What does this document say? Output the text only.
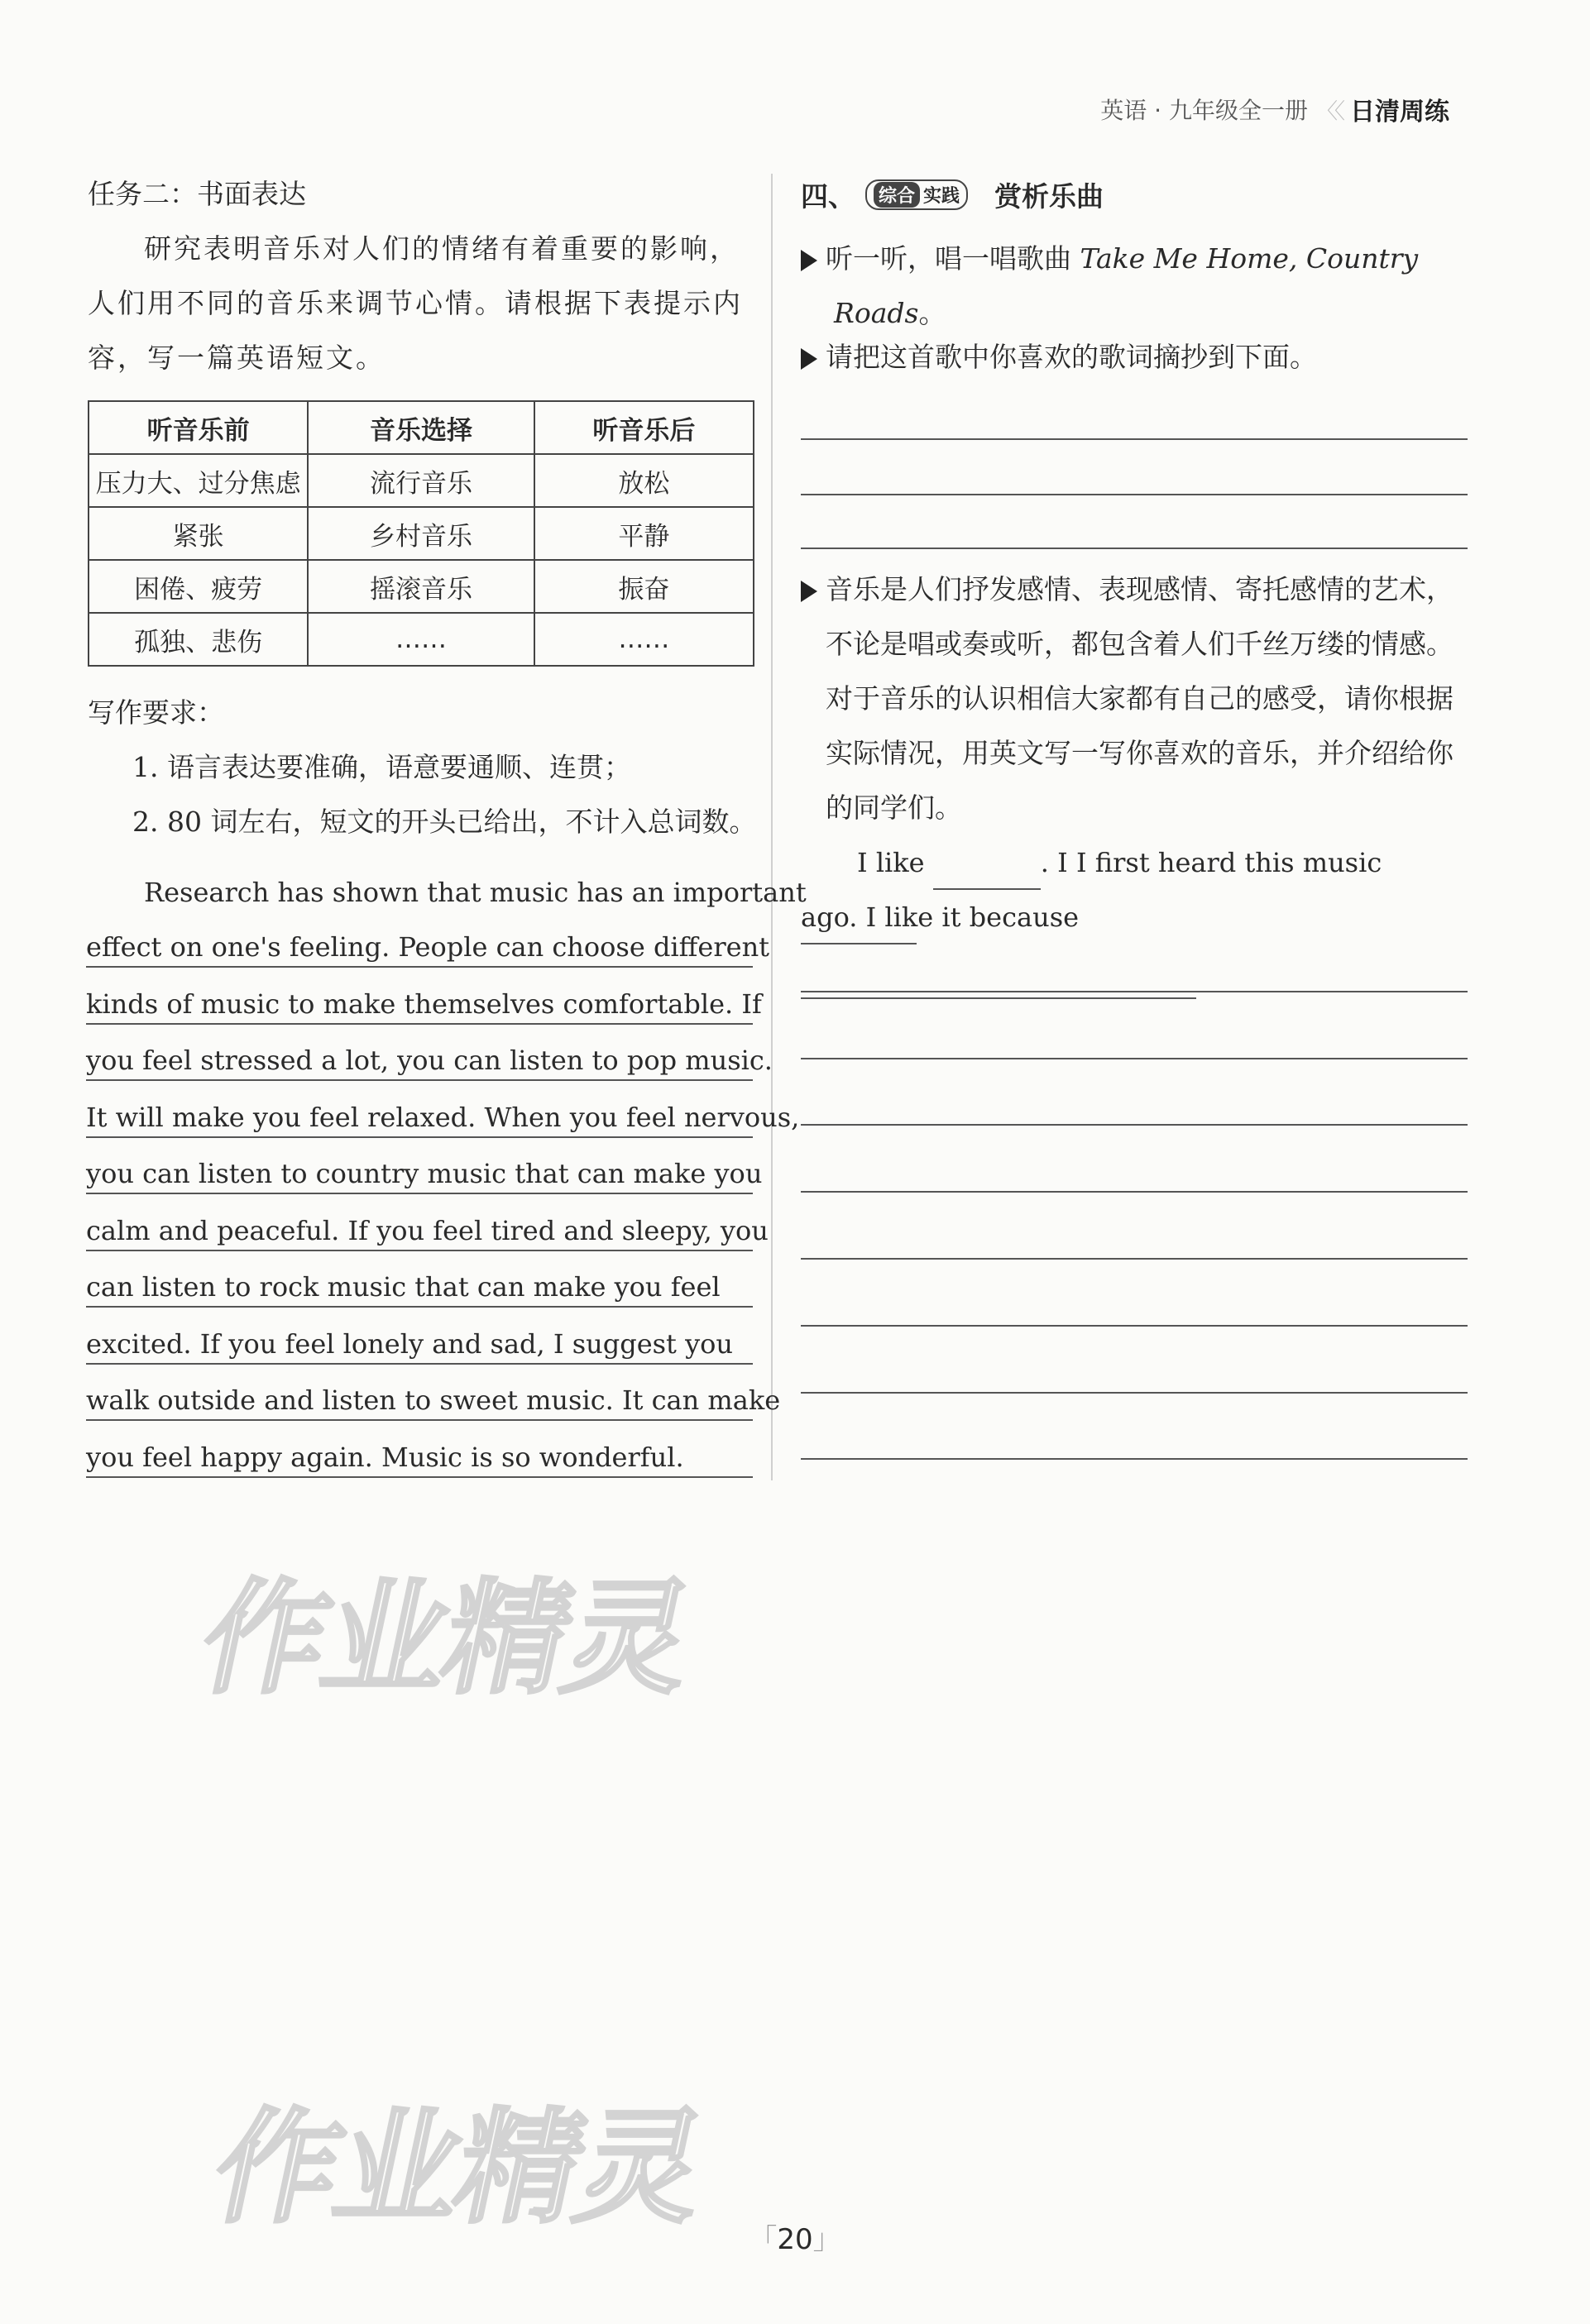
英语 · 九年级全一册 〈〈 日清周练
任务二：书面表达
研究表明音乐对人们的情绪有着重要的影响，人们用不同的音乐来调节心情。请根据下表提示内容，写一篇英语短文。
听音乐前	音乐选择	听音乐后
压力大、过分焦虑	流行音乐	放松
紧张	乡村音乐	平静
困倦、疲劳	摇滚音乐	振奋
孤独、悲伤	……	……
写作要求：
1. 语言表达要准确，语意要通顺、连贯；
2. 80 词左右，短文的开头已给出，不计入总词数。
Research has shown that music has an important
effect on one's feeling. People can choose different
kinds of music to make themselves comfortable. If
you feel stressed a lot, you can listen to pop music.
It will make you feel relaxed. When you feel nervous,
you can listen to country music that can make you
calm and peaceful. If you feel tired and sleepy, you
can listen to rock music that can make you feel
excited. If you feel lonely and sad, I suggest you
walk outside and listen to sweet music. It can make
you feel happy again. Music is so wonderful.
四、 综合 实践 赏析乐曲
听一听，唱一唱歌曲 Take Me Home, Country
Roads。
请把这首歌中你喜欢的歌词摘抄到下面。
音乐是人们抒发感情、表现感情、寄托感情的艺术，
不论是唱或奏或听，都包含着人们千丝万缕的情感。对于音乐的认识相信大家都有自己的感受，请你根据实际情况，用英文写一写你喜欢的音乐，并介绍给你的同学们。
I like	. I I first heard this music
ago. I like it because
作业精灵
作业精灵	「20」
